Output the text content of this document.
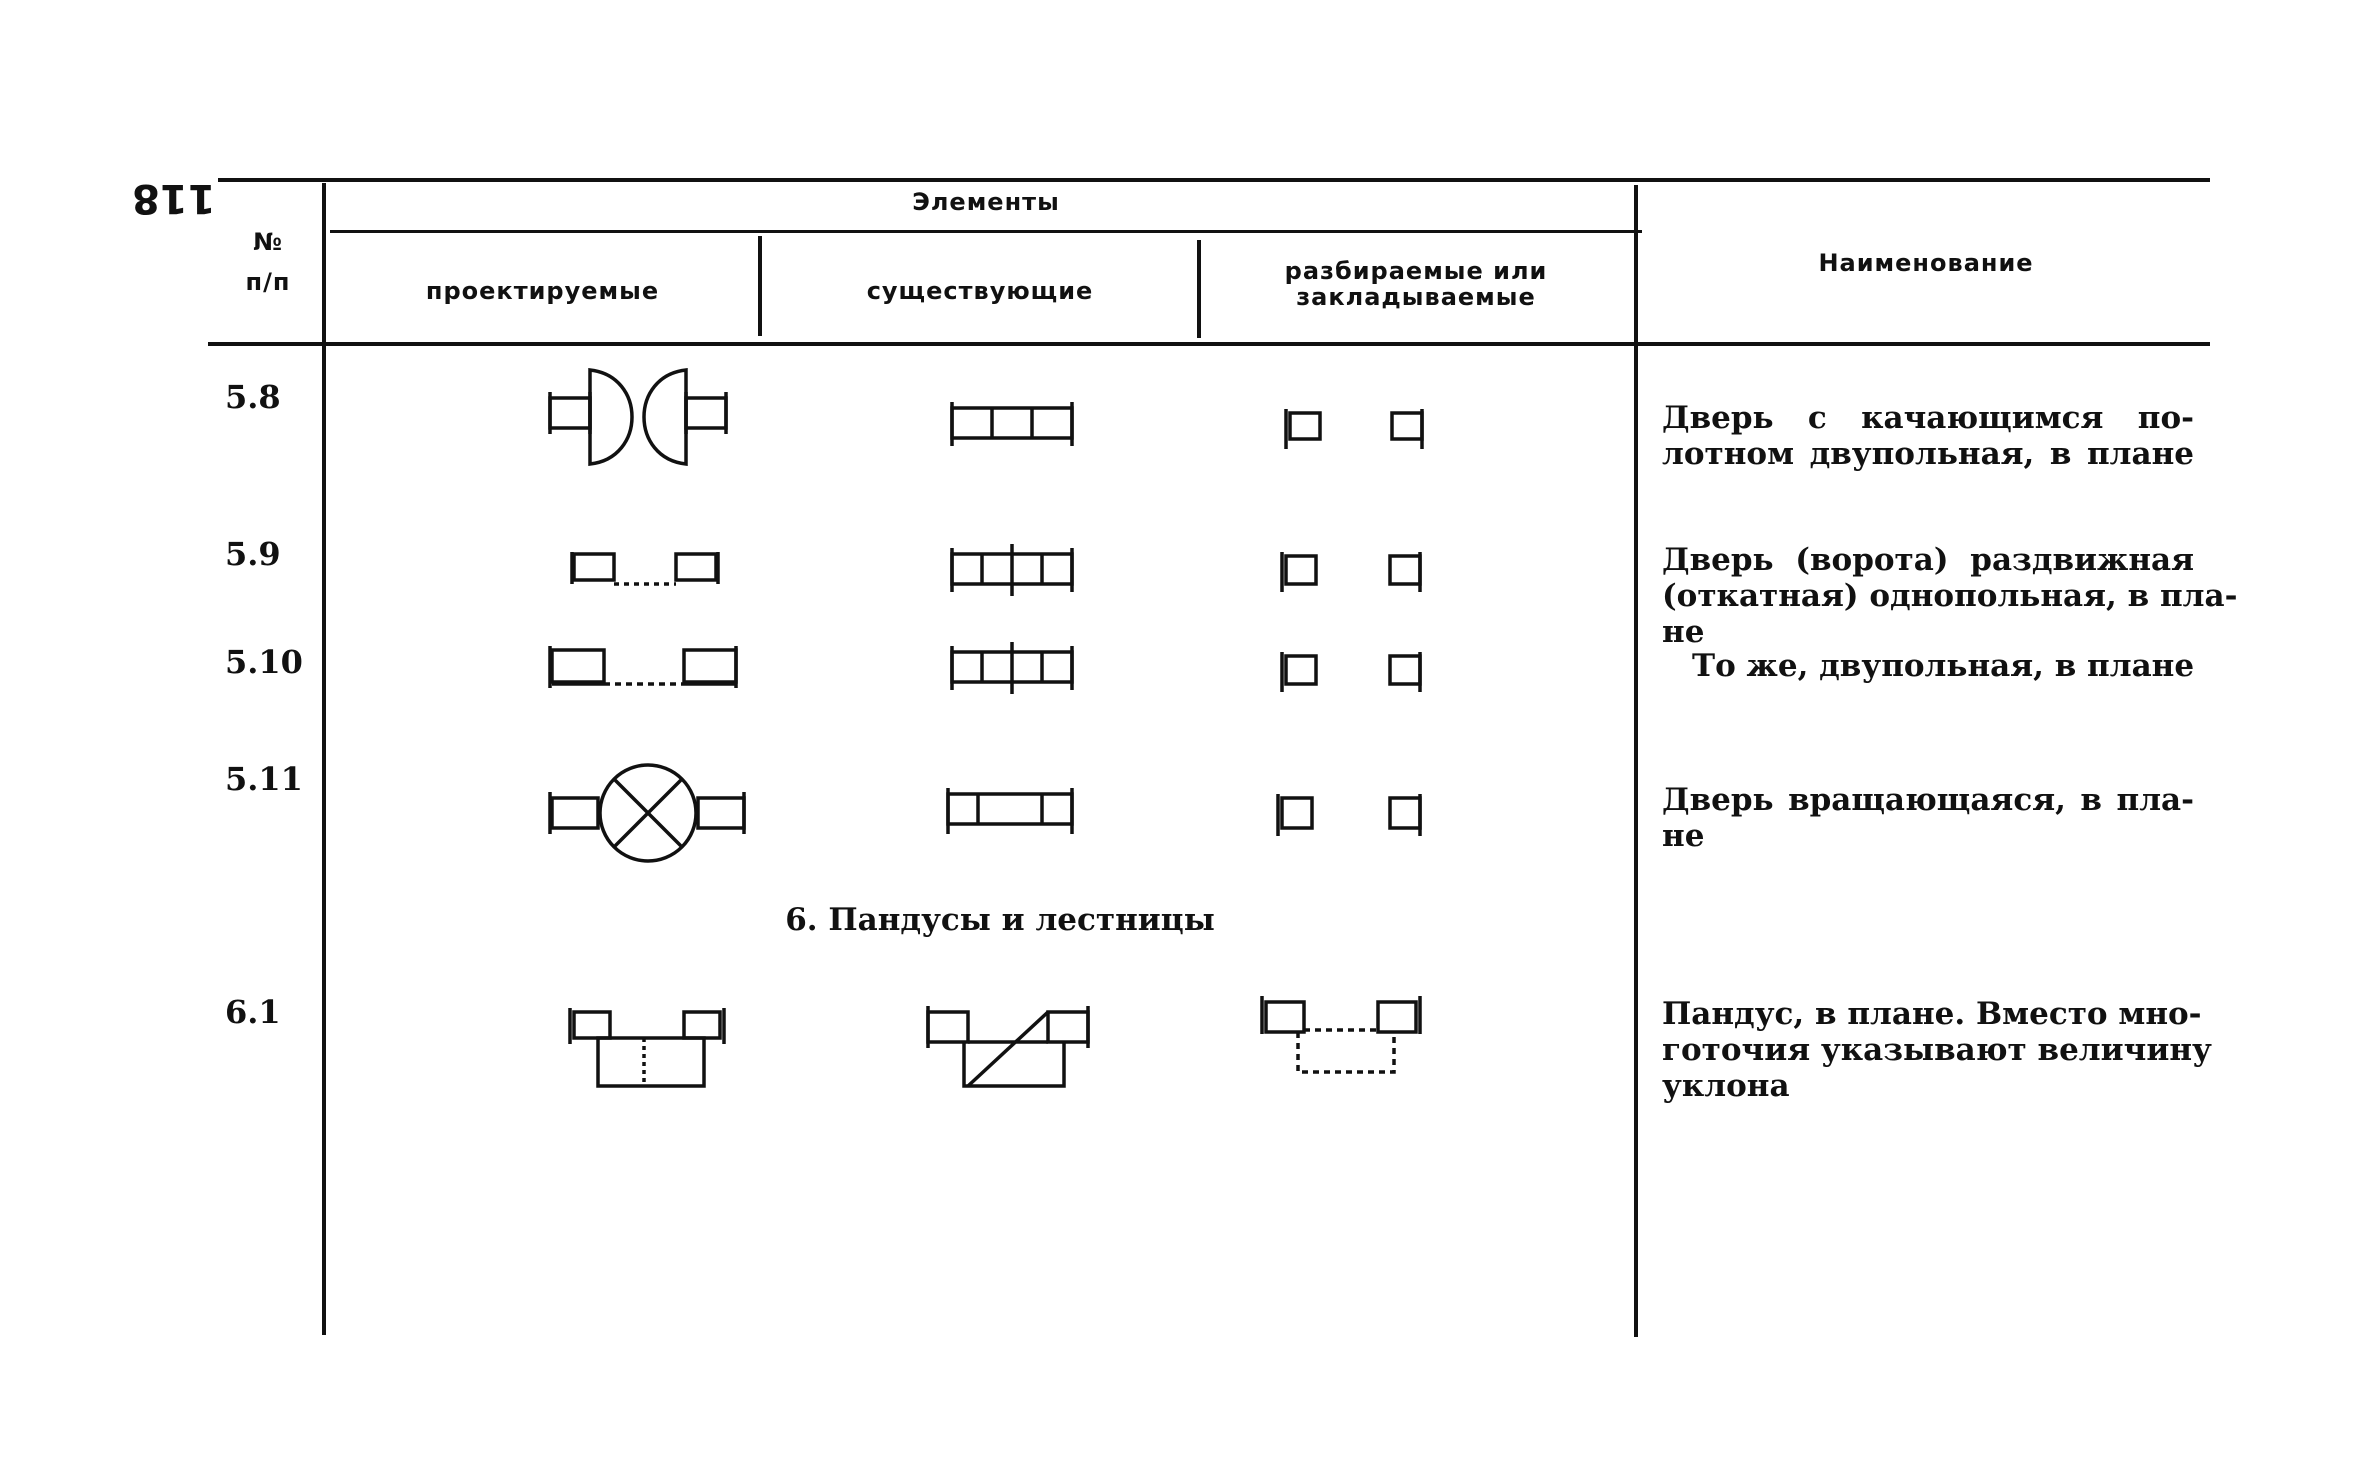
118
№
п/п
Элементы
проектируемые	существующие
разбираемые или закладываемые
Наименование
5.8
5.9
5.10
5.11
6.1
Дверь с качающимся по-
лотном двупольная, в плане
Дверь (ворота) раздвижная
(откатная) однопольная, в пла-
не
То же, двупольная, в плане
Дверь вращающаяся, в пла-
не
6. Пандусы и лестницы
Пандус, в плане. Вместо мно-
готочия указывают величину
уклона
